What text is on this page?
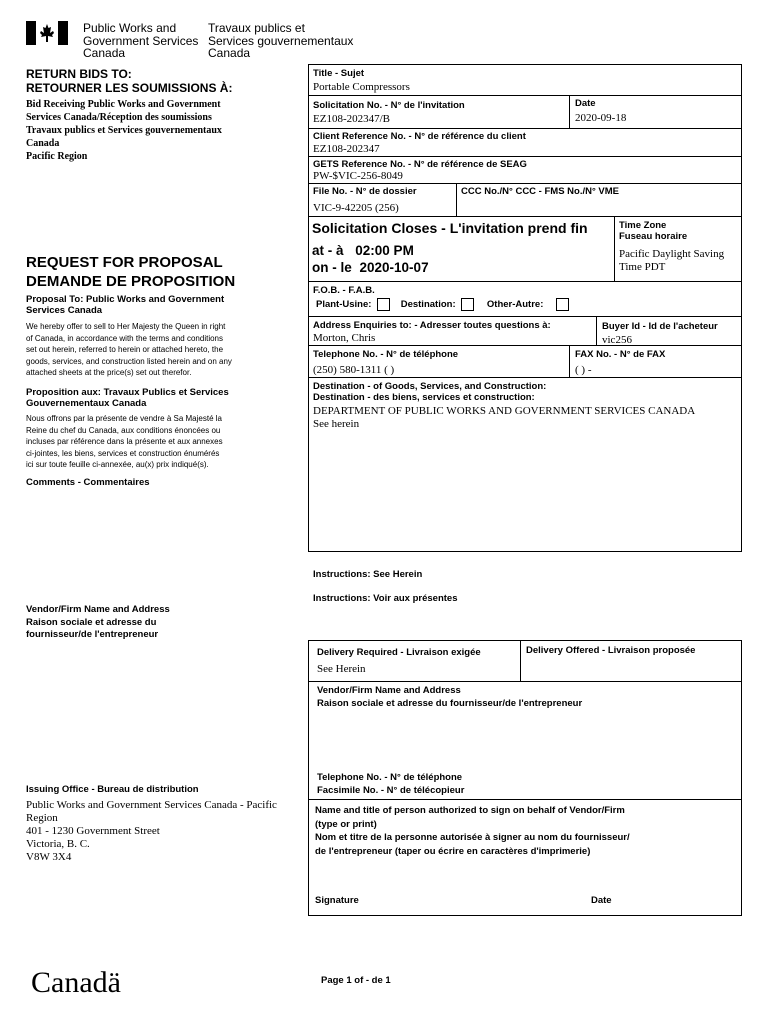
Public Works and
Government Services
Canada
Travaux publics et
Services gouvernementaux
Canada
RETURN BIDS TO:
RETOURNER LES SOUMISSIONS À:
Bid Receiving Public Works and Government
Services Canada/Réception des soumissions
Travaux publics et Services gouvernementaux
Canada
Pacific Region
REQUEST FOR PROPOSAL
DEMANDE DE PROPOSITION
Proposal To: Public Works and Government Services Canada
We hereby offer to sell to Her Majesty the Queen in right
of Canada, in accordance with the terms and conditions
set out herein, referred to herein or attached hereto, the
goods, services, and construction listed herein and on any
attached sheets at the price(s) set out therefor.
Proposition aux: Travaux Publics et Services Gouvernementaux Canada
Nous offrons par la présente de vendre à Sa Majesté la
Reine du chef du Canada, aux conditions énoncées ou
incluses par référence dans la présente et aux annexes
ci-jointes, les biens, services et construction énumérés
ici sur toute feuille ci-annexée, au(x) prix indiqué(s).
Comments - Commentaires
Vendor/Firm Name and Address
Raison sociale et adresse du
fournisseur/de l'entrepreneur
Issuing Office - Bureau de distribution
Public Works and Government Services Canada - Pacific
Region
401 - 1230 Government Street
Victoria, B. C.
V8W 3X4
Canadä
Title - Sujet
Portable Compressors
Solicitation No. - N° de l'invitation
EZ108-202347/B
Date
2020-09-18
Client Reference No. - N° de référence du client
EZ108-202347
GETS Reference No. - N° de référence de SEAG
PW-$VIC-256-8049
File No. - N° de dossier
VIC-9-42205 (256)
CCC No./N° CCC - FMS No./N° VME
Solicitation Closes - L'invitation prend fin
at - à 02:00 PM
on - le 2020-10-07
Time Zone
Fuseau horaire
Pacific Daylight Saving
Time PDT
F.O.B. - F.A.B.
Plant-Usine:	Destination:	Other-Autre:
Address Enquiries to: - Adresser toutes questions à:
Morton, Chris
Buyer Id - Id de l'acheteur
vic256
Telephone No. - N° de téléphone
(250) 580-1311 ( )
FAX No. - N° de FAX
( ) -
Destination - of Goods, Services, and Construction:
Destination - des biens, services et construction:
DEPARTMENT OF PUBLIC WORKS AND GOVERNMENT SERVICES CANADA
See herein
Instructions: See Herein
Instructions: Voir aux présentes
Delivery Required - Livraison exigée
See Herein
Delivery Offered - Livraison proposée
Vendor/Firm Name and Address
Raison sociale et adresse du fournisseur/de l'entrepreneur
Telephone No. - N° de téléphone
Facsimile No. - N° de télécopieur
Name and title of person authorized to sign on behalf of Vendor/Firm
(type or print)
Nom et titre de la personne autorisée à signer au nom du fournisseur/
de l'entrepreneur (taper ou écrire en caractères d'imprimerie)
Signature	Date
Page 1 of - de 1
